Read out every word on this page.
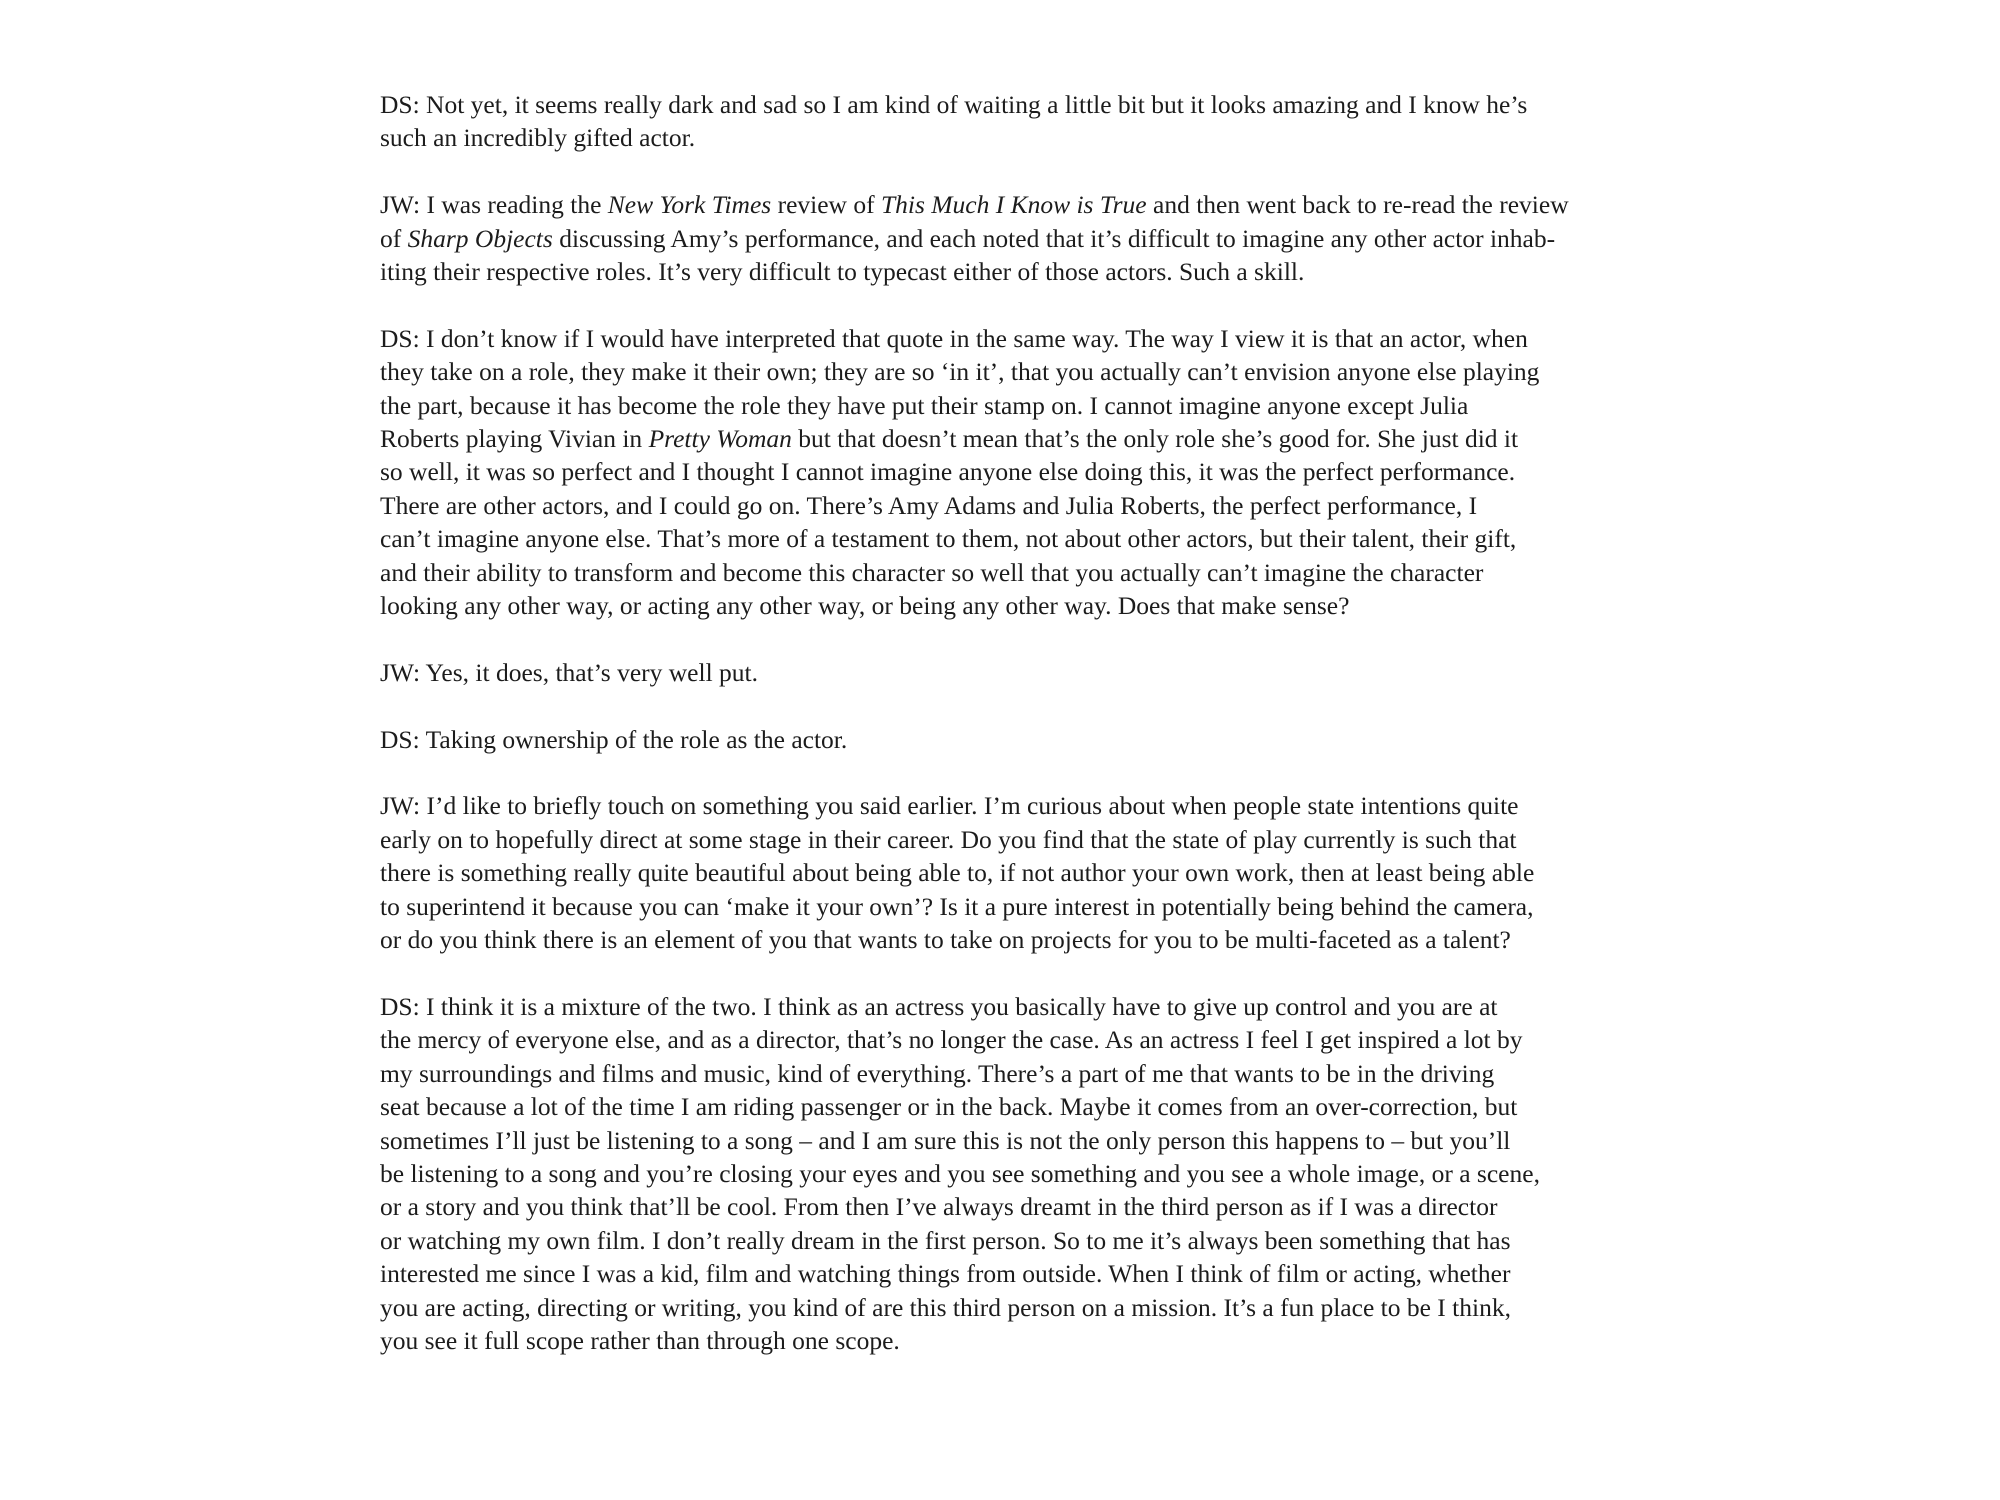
DS: Not yet, it seems really dark and sad so I am kind of waiting a little bit but it looks amazing and I know he’s
such an incredibly gifted actor.
JW: I was reading the New York Times review of This Much I Know is True and then went back to re-read the review
of Sharp Objects discussing Amy’s performance, and each noted that it’s difficult to imagine any other actor inhab-
iting their respective roles. It’s very difficult to typecast either of those actors. Such a skill.
DS: I don’t know if I would have interpreted that quote in the same way. The way I view it is that an actor, when
they take on a role, they make it their own; they are so ‘in it’, that you actually can’t envision anyone else playing
the part, because it has become the role they have put their stamp on. I cannot imagine anyone except Julia
Roberts playing Vivian in Pretty Woman but that doesn’t mean that’s the only role she’s good for. She just did it
so well, it was so perfect and I thought I cannot imagine anyone else doing this, it was the perfect performance.
There are other actors, and I could go on. There’s Amy Adams and Julia Roberts, the perfect performance, I
can’t imagine anyone else. That’s more of a testament to them, not about other actors, but their talent, their gift,
and their ability to transform and become this character so well that you actually can’t imagine the character
looking any other way, or acting any other way, or being any other way. Does that make sense?
JW: Yes, it does, that’s very well put.
DS: Taking ownership of the role as the actor.
JW: I’d like to briefly touch on something you said earlier. I’m curious about when people state intentions quite
early on to hopefully direct at some stage in their career. Do you find that the state of play currently is such that
there is something really quite beautiful about being able to, if not author your own work, then at least being able
to superintend it because you can ‘make it your own’? Is it a pure interest in potentially being behind the camera,
or do you think there is an element of you that wants to take on projects for you to be multi-faceted as a talent?
DS: I think it is a mixture of the two. I think as an actress you basically have to give up control and you are at
the mercy of everyone else, and as a director, that’s no longer the case. As an actress I feel I get inspired a lot by
my surroundings and films and music, kind of everything. There’s a part of me that wants to be in the driving
seat because a lot of the time I am riding passenger or in the back. Maybe it comes from an over-correction, but
sometimes I’ll just be listening to a song – and I am sure this is not the only person this happens to – but you’ll
be listening to a song and you’re closing your eyes and you see something and you see a whole image, or a scene,
or a story and you think that’ll be cool. From then I’ve always dreamt in the third person as if I was a director
or watching my own film. I don’t really dream in the first person. So to me it’s always been something that has
interested me since I was a kid, film and watching things from outside. When I think of film or acting, whether
you are acting, directing or writing, you kind of are this third person on a mission. It’s a fun place to be I think,
you see it full scope rather than through one scope.
